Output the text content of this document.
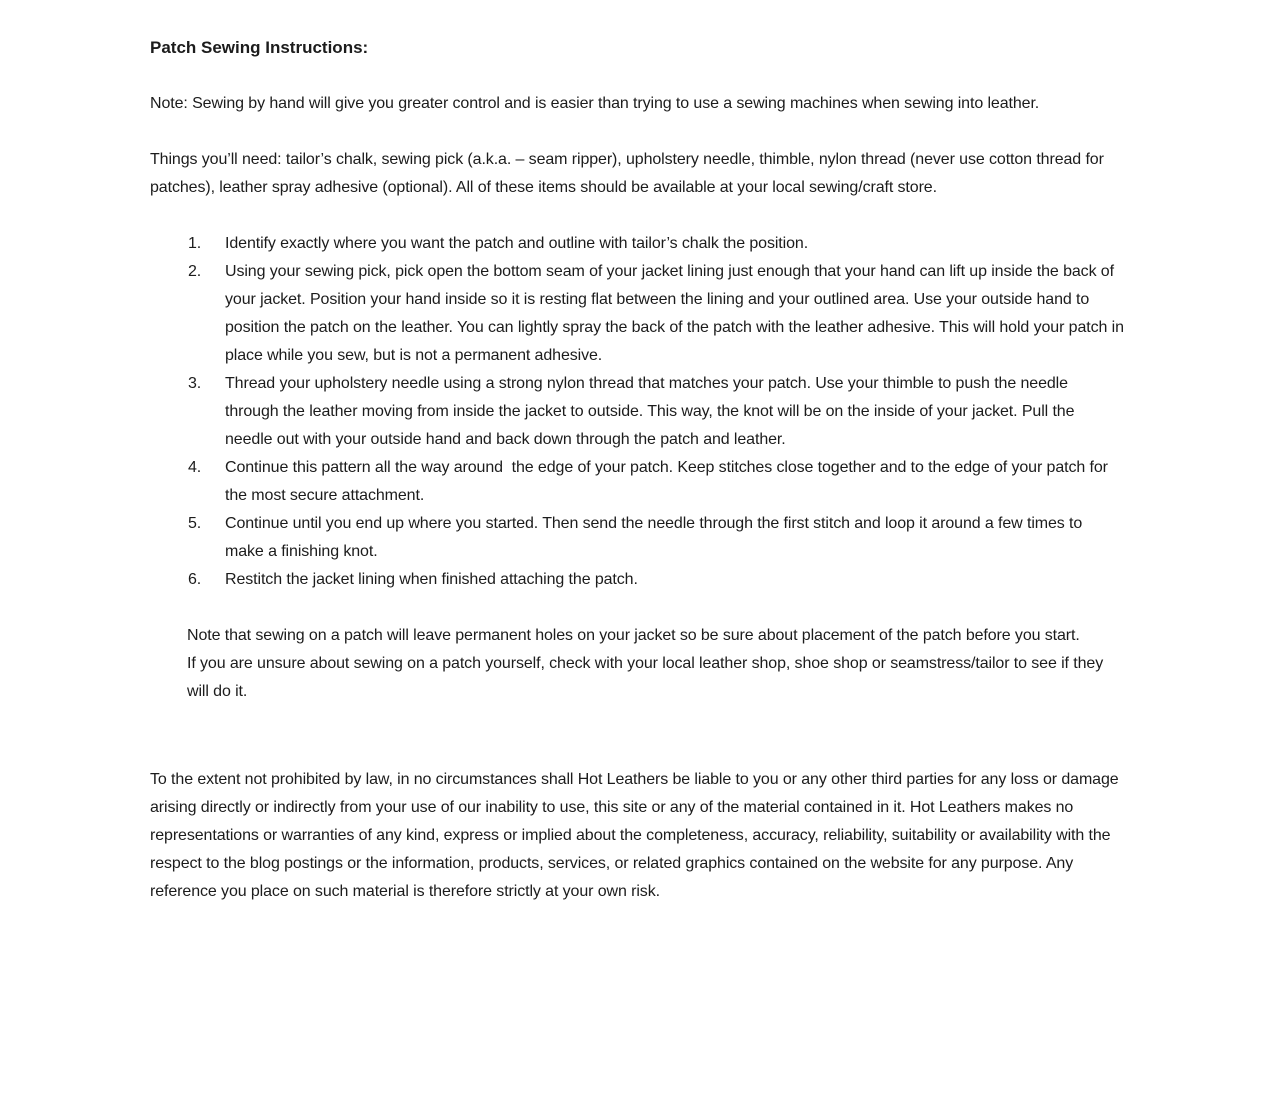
Patch Sewing Instructions:
Note: Sewing by hand will give you greater control and is easier than trying to use a sewing machines when sewing into leather.
Things you’ll need: tailor’s chalk, sewing pick (a.k.a. – seam ripper), upholstery needle, thimble, nylon thread (never use cotton thread for patches), leather spray adhesive (optional). All of these items should be available at your local sewing/craft store.
1.	Identify exactly where you want the patch and outline with tailor’s chalk the position.
2.	Using your sewing pick, pick open the bottom seam of your jacket lining just enough that your hand can lift up inside the back of your jacket. Position your hand inside so it is resting flat between the lining and your outlined area. Use your outside hand to position the patch on the leather. You can lightly spray the back of the patch with the leather adhesive. This will hold your patch in place while you sew, but is not a permanent adhesive.
3.	Thread your upholstery needle using a strong nylon thread that matches your patch. Use your thimble to push the needle through the leather moving from inside the jacket to outside. This way, the knot will be on the inside of your jacket. Pull the needle out with your outside hand and back down through the patch and leather.
4.	Continue this pattern all the way around  the edge of your patch. Keep stitches close together and to the edge of your patch for the most secure attachment.
5.	Continue until you end up where you started. Then send the needle through the first stitch and loop it around a few times to make a finishing knot.
6.	Restitch the jacket lining when finished attaching the patch.
Note that sewing on a patch will leave permanent holes on your jacket so be sure about placement of the patch before you start.
If you are unsure about sewing on a patch yourself, check with your local leather shop, shoe shop or seamstress/tailor to see if they will do it.
To the extent not prohibited by law, in no circumstances shall Hot Leathers be liable to you or any other third parties for any loss or damage arising directly or indirectly from your use of our inability to use, this site or any of the material contained in it. Hot Leathers makes no representations or warranties of any kind, express or implied about the completeness, accuracy, reliability, suitability or availability with the respect to the blog postings or the information, products, services, or related graphics contained on the website for any purpose. Any reference you place on such material is therefore strictly at your own risk.
